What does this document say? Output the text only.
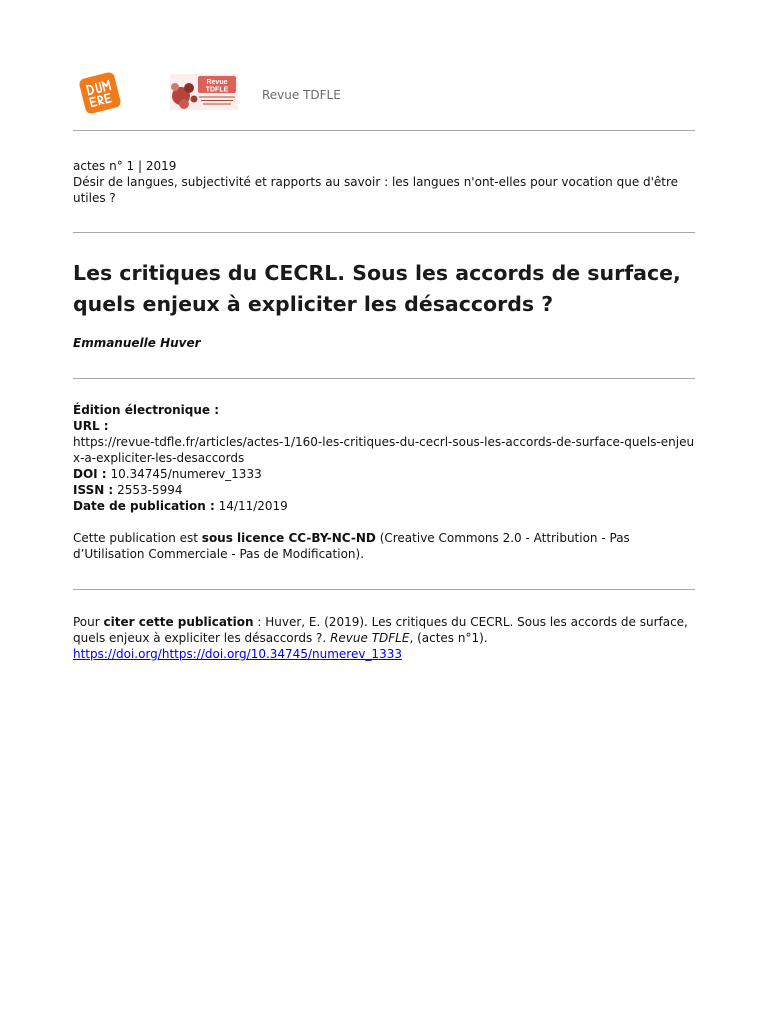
Revue
TDFLE	Revue TDFLE
actes n° 1 | 2019
Désir de langues, subjectivité et rapports au savoir : les langues n'ont-elles pour vocation que d'être utiles ?
Les critiques du CECRL. Sous les accords de surface, quels enjeux à expliciter les désaccords ?
Emmanuelle Huver
Édition électronique :
URL :
https://revue-tdfle.fr/articles/actes-1/160-les-critiques-du-cecrl-sous-les-accords-de-surface-quels-enjeux-a-expliciter-les-desaccords
DOI : 10.34745/numerev_1333
ISSN : 2553-5994
Date de publication : 14/11/2019
Cette publication est sous licence CC-BY-NC-ND (Creative Commons 2.0 - Attribution - Pas d’Utilisation Commerciale - Pas de Modification).
Pour citer cette publication : Huver, E. (2019). Les critiques du CECRL. Sous les accords de surface, quels enjeux à expliciter les désaccords ?. Revue TDFLE, (actes n°1).
https://doi.org/https://doi.org/10.34745/numerev_1333
